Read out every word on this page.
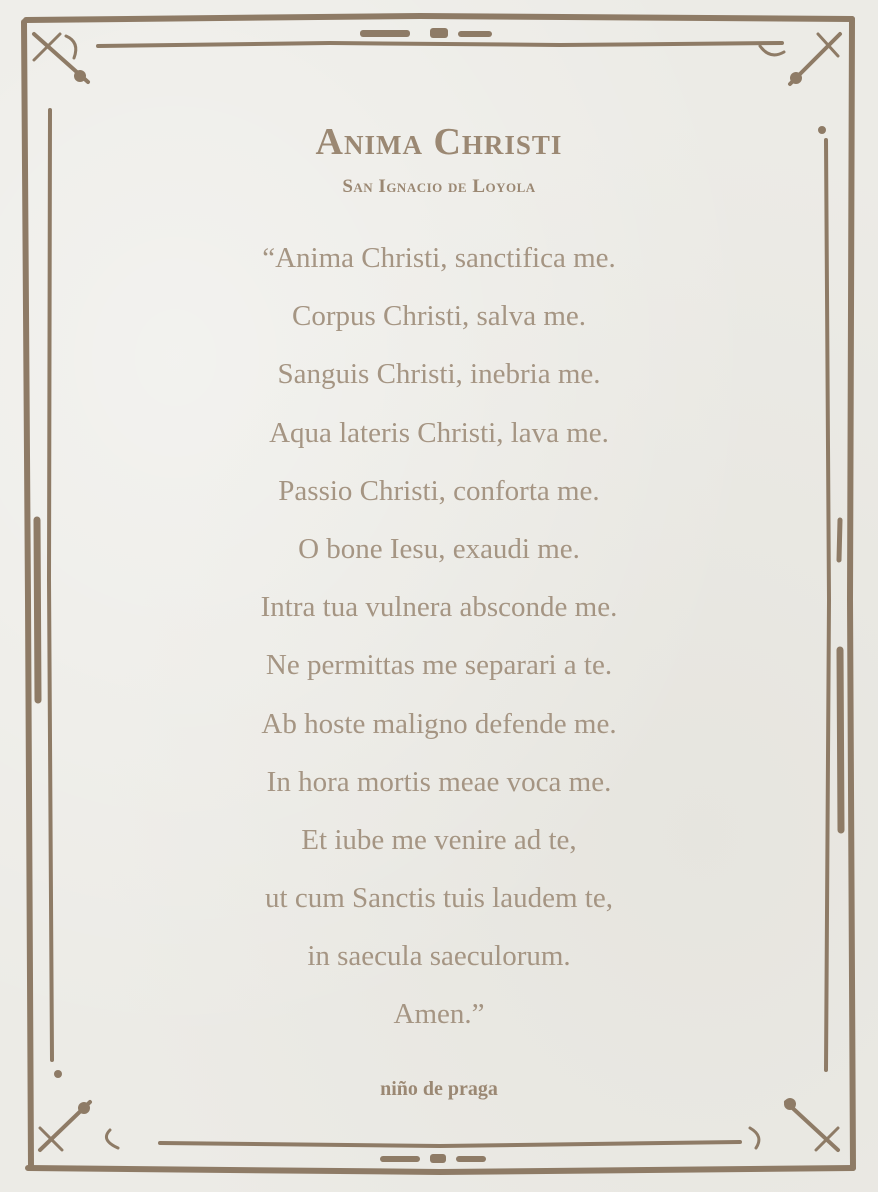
Anima Christi
San Ignacio de Loyola
“Anima Christi, sanctifica me.
Corpus Christi, salva me.
Sanguis Christi, inebria me.
Aqua lateris Christi, lava me.
Passio Christi, conforta me.
O bone Iesu, exaudi me.
Intra tua vulnera absconde me.
Ne permittas me separari a te.
Ab hoste maligno defende me.
In hora mortis meae voca me.
Et iube me venire ad te,
ut cum Sanctis tuis laudem te,
in saecula saeculorum.
Amen.”
niño de praga
